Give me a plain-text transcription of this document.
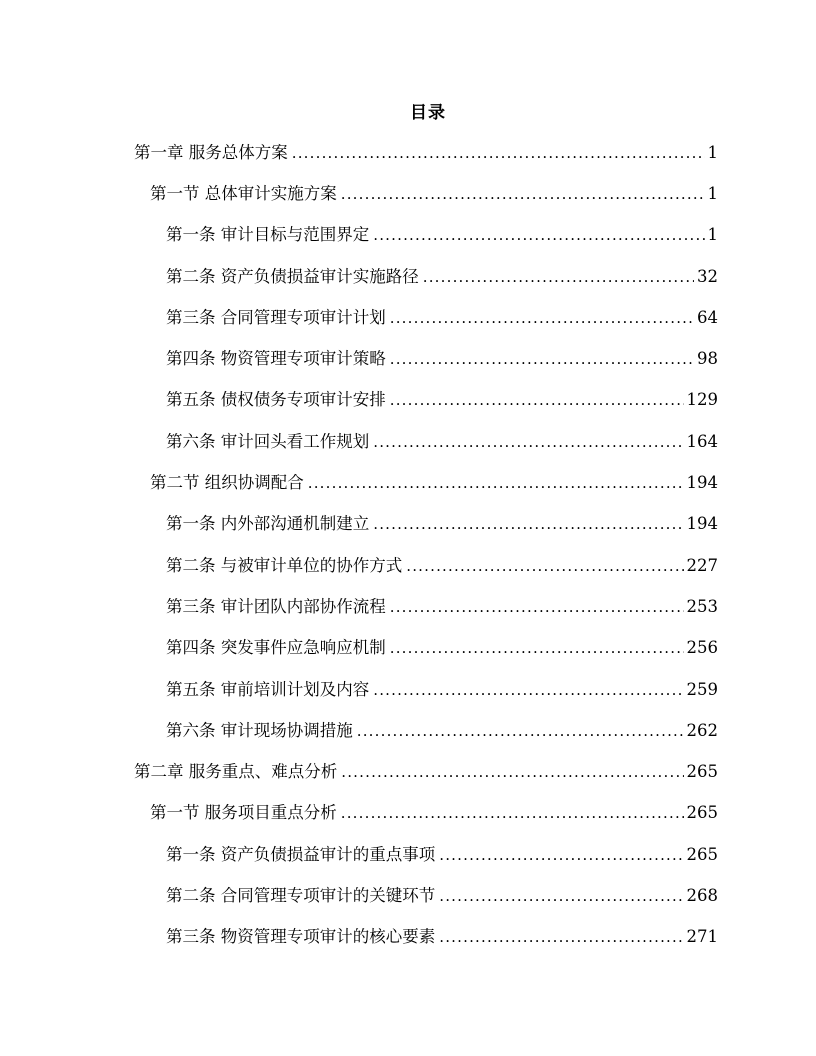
目录
第一章 服务总体方案 .....	1
第一节 总体审计实施方案 .....	1
第一条 审计目标与范围界定 .....	1
第二条 资产负债损益审计实施路径 .....	32
第三条 合同管理专项审计计划 .....	64
第四条 物资管理专项审计策略 .....	98
第五条 债权债务专项审计安排 .....	129
第六条 审计回头看工作规划 .....	164
第二节 组织协调配合 .....	194
第一条 内外部沟通机制建立 .....	194
第二条 与被审计单位的协作方式 .....	227
第三条 审计团队内部协作流程 .....	253
第四条 突发事件应急响应机制 .....	256
第五条 审前培训计划及内容 .....	259
第六条 审计现场协调措施 .....	262
第二章 服务重点、难点分析 .....	265
第一节 服务项目重点分析 .....	265
第一条 资产负债损益审计的重点事项 .....	265
第二条 合同管理专项审计的关键环节 .....	268
第三条 物资管理专项审计的核心要素 .....	271
